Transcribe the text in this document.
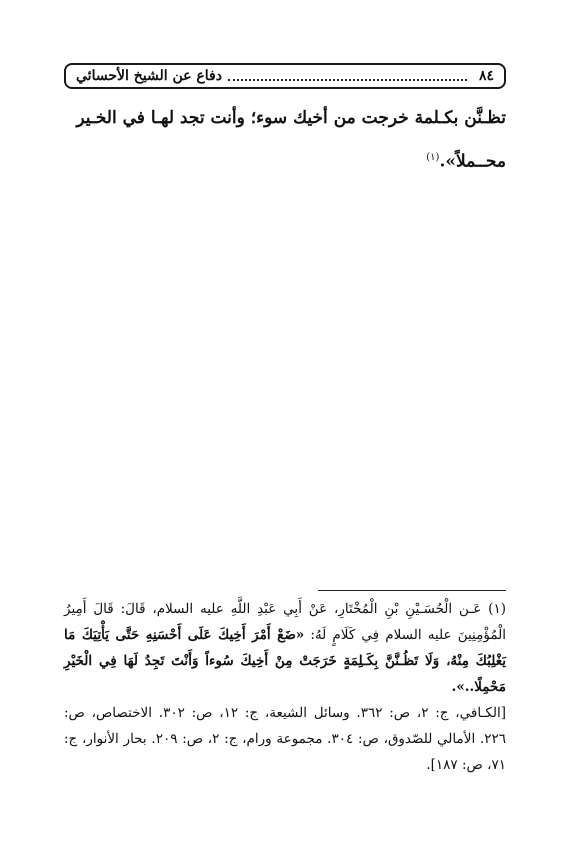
٨٤
دفاع عن الشيخ الأحسائي
تظـنَّن بكـلمة خرجت من أخيك سوء؛ وأنت تجد لهـا في الخـير
محــملاً».$^{(١)}$
(١) عَـن الْحُسَـيْنِ بْنِ الْمُخْتَارِ، عَنْ أَبِي عَبْدِ اللَّهِ عليه السلام، قَالَ: قَالَ أَمِيرُ الْمُؤْمِنِينَ عليه السلام فِي كَلَامٍ لَهُ: «ضَعْ أَمْرَ أَخِيكَ عَلَى أَحْسَنِهِ حَتَّى يَأْتِيَكَ مَا يَغْلِبُكَ مِنْهُ، وَلَا تَظُـنَّنَّ بِكَـلِمَةٍ خَرَجَتْ مِنْ أَخِيكَ سُوءاً وَأَنْتَ تَجِدُ لَهَا فِي الْخَيْرِ مَحْمِلًا..».
[الكـافي، ج: ٢، ص: ٣٦٢. وسائل الشيعة، ج: ١٢، ص: ٣٠٢. الاختصاص، ص: ٢٢٦. الأمالي للصّدوق، ص: ٣٠٤. مجموعة ورام، ج: ٢، ص: ٢٠٩. بحار الأنوار، ج: ٧١، ص: ١٨٧].
